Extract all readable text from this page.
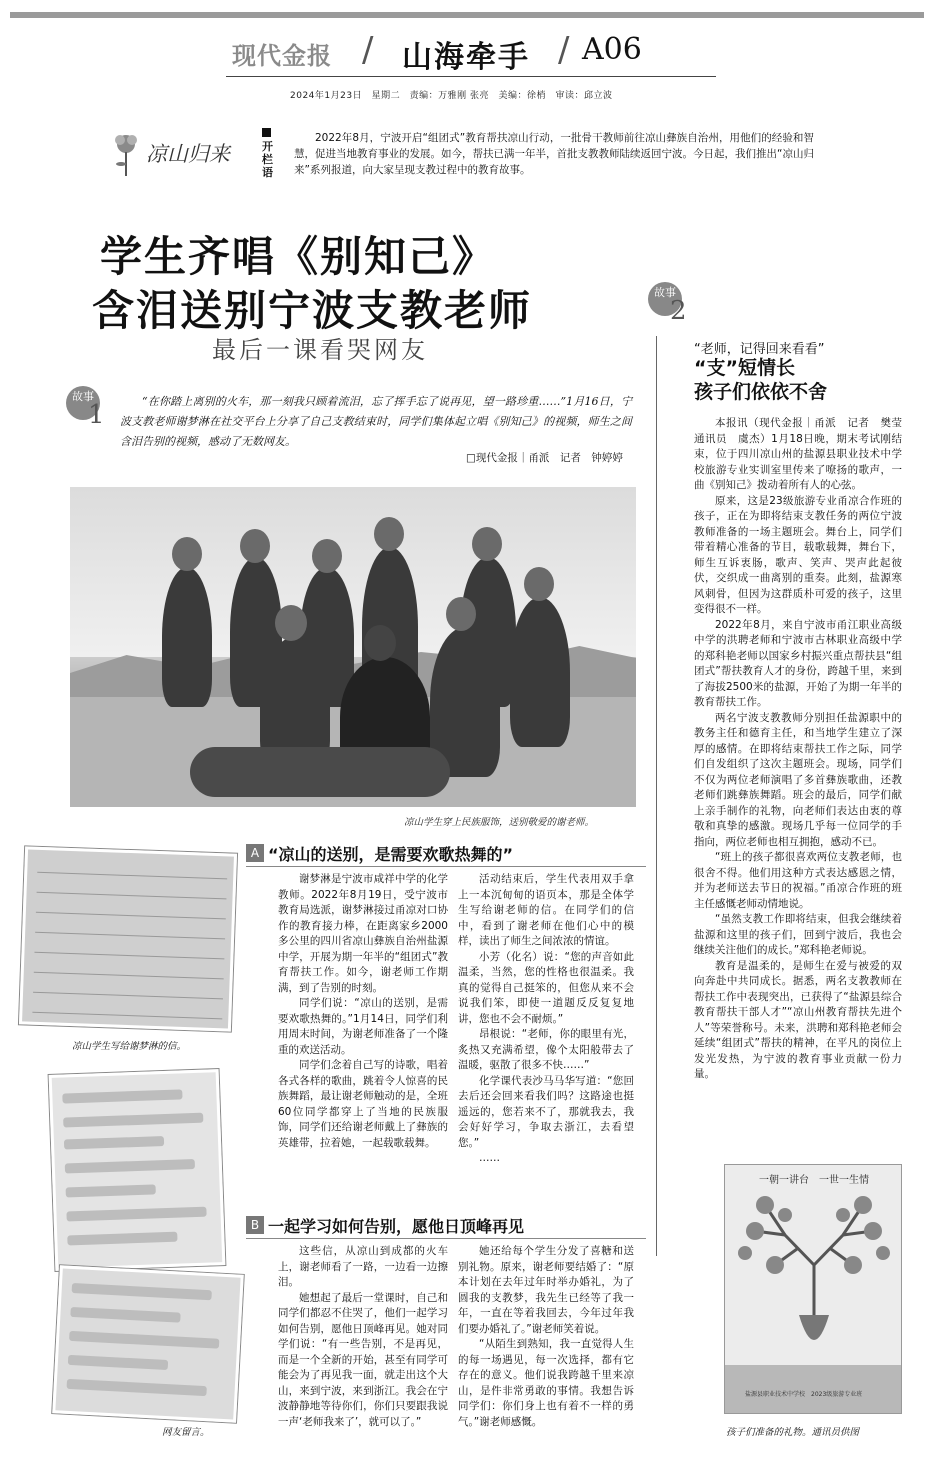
现代金报 / 山海牵手 / A06
2024年1月23日　星期二　责编：万雅刚 张亮　美编：徐梢　审读：邱立波
凉山归来	开栏语
2022年8月，宁波开启“组团式”教育帮扶凉山行动，一批骨干教师前往凉山彝族自治州，用他们的经验和智慧，促进当地教育事业的发展。如今，帮扶已满一年半，首批支教教师陆续返回宁波。今日起，我们推出“凉山归来”系列报道，向大家呈现支教过程中的教育故事。
学生齐唱《别知己》
含泪送别宁波支教老师
最后一课看哭网友
故事
1	“在你踏上离别的火车，那一刻我只顾着流泪，忘了挥手忘了说再见，望一路珍重……”1月16日，宁波支教老师谢梦淋在社交平台上分享了自己支教结束时，同学们集体起立唱《别知己》的视频，师生之间含泪告别的视频，感动了无数网友。
□现代金报｜甬派　记者　钟婷婷
凉山学生穿上民族服饰，送别敬爱的谢老师。
凉山学生写给谢梦淋的信。
网友留言。
A “凉山的送别，是需要欢歌热舞的”

谢梦淋是宁波市咸祥中学的化学教师。2022年8月19日，受宁波市教育局选派，谢梦淋接过甬凉对口协作的教育接力棒，在距离家乡2000多公里的四川省凉山彝族自治州盐源中学，开展为期一年半的“组团式”教育帮扶工作。如今，谢老师工作期满，到了告别的时刻。

同学们说：“凉山的送别，是需要欢歌热舞的。”1月14日，同学们利用周末时间，为谢老师准备了一个隆重的欢送活动。

同学们念着自己写的诗歌，唱着各式各样的歌曲，跳着令人惊喜的民族舞蹈，最让谢老师触动的是，全班60位同学都穿上了当地的民族服饰，同学们还给谢老师戴上了彝族的英雄带，拉着她，一起载歌载舞。

活动结束后，学生代表用双手拿上一本沉甸甸的语页本，那是全体学生写给谢老师的信。在同学们的信中，看到了谢老师在他们心中的模样，读出了师生之间浓浓的情谊。

小芳（化名）说：“您的声音如此温柔，当然，您的性格也很温柔。我真的觉得自己挺笨的，但您从来不会说我们笨，即使一道题反反复复地讲，您也不会不耐烦。”

昂根说：“老师，你的眼里有光，炙热又充满希望，像个太阳般带去了温暖，驱散了很多不快……”

化学课代表沙马马华写道：“您回去后还会回来看我们吗？这路途也挺遥远的，您若来不了，那就我去，我会好好学习，争取去浙江，去看望您。”

……

B 一起学习如何告别，愿他日顶峰再见

这些信，从凉山到成都的火车上，谢老师看了一路，一边看一边擦泪。

她想起了最后一堂课时，自己和同学们都忍不住哭了，他们一起学习如何告别，愿他日顶峰再见。她对同学们说：“有一些告别，不是再见，而是一个全新的开始，甚至有同学可能会为了再见我一面，就走出这个大山，来到宁波，来到浙江。我会在宁波静静地等待你们，你们只要跟我说一声‘老师我来了’，就可以了。”

她还给每个学生分发了喜糖和送别礼物。原来，谢老师要结婚了：“原本计划在去年过年时举办婚礼，为了圆我的支教梦，我先生已经等了我一年，一直在等着我回去，今年过年我们要办婚礼了。”谢老师笑着说。

“从陌生到熟知，我一直觉得人生的每一场遇见，每一次选择，都有它存在的意义。他们说我跨越千里来凉山，是件非常勇敢的事情。我想告诉同学们：你们身上也有着不一样的勇气。”谢老师感慨。

故事
2
“老师，记得回来看看”
“支”短情长
孩子们依依不舍

本报讯（现代金报｜甬派　记者　樊莹　通讯员　虞杰）1月18日晚，期末考试刚结束，位于四川凉山州的盐源县职业技术中学校旅游专业实训室里传来了嘹扬的歌声，一曲《别知己》拨动着所有人的心弦。

原来，这是23级旅游专业甬凉合作班的孩子，正在为即将结束支教任务的两位宁波教师准备的一场主题班会。舞台上，同学们带着精心准备的节目，载歌载舞，舞台下，师生互诉衷肠，歌声、笑声、哭声此起彼伏，交织成一曲离别的重奏。此刻，盐源寒风刺骨，但因为这群质朴可爱的孩子，这里变得很不一样。

2022年8月，来自宁波市甬江职业高级中学的洪聘老师和宁波市古林职业高级中学的郑科艳老师以国家乡村振兴重点帮扶县“组团式”帮扶教育人才的身份，跨越千里，来到了海拔2500米的盐源，开始了为期一年半的教育帮扶工作。

两名宁波支教教师分别担任盐源职中的教务主任和德育主任，和当地学生建立了深厚的感情。在即将结束帮扶工作之际，同学们自发组织了这次主题班会。现场，同学们不仅为两位老师演唱了多首彝族歌曲，还教老师们跳彝族舞蹈。班会的最后，同学们献上亲手制作的礼物，向老师们表达由衷的尊敬和真挚的感激。现场几乎每一位同学的手指向，两位老师也相互拥抱，感动不已。

“班上的孩子都很喜欢两位支教老师，也很舍不得。他们用这种方式表达感恩之情，并为老师送去节日的祝福。”甬凉合作班的班主任感慨老师动情地说。

“虽然支教工作即将结束，但我会继续着盐源和这里的孩子们，回到宁波后，我也会继续关注他们的成长。”郑科艳老师说。

教育是温柔的，是师生在爱与被爱的双向奔赴中共同成长。据悉，两名支教教师在帮扶工作中表现突出，已获得了“盐源县综合教育帮扶干部人才”“凉山州教育帮扶先进个人”等荣誉称号。未来，洪聘和郑科艳老师会延续“组团式”帮扶的精神，在平凡的岗位上发光发热，为宁波的教育事业贡献一份力量。

一朝一讲台　一世一生情
盐源县职业技术中学校　2023级旅游专业班
孩子们准备的礼物。通讯员供图
